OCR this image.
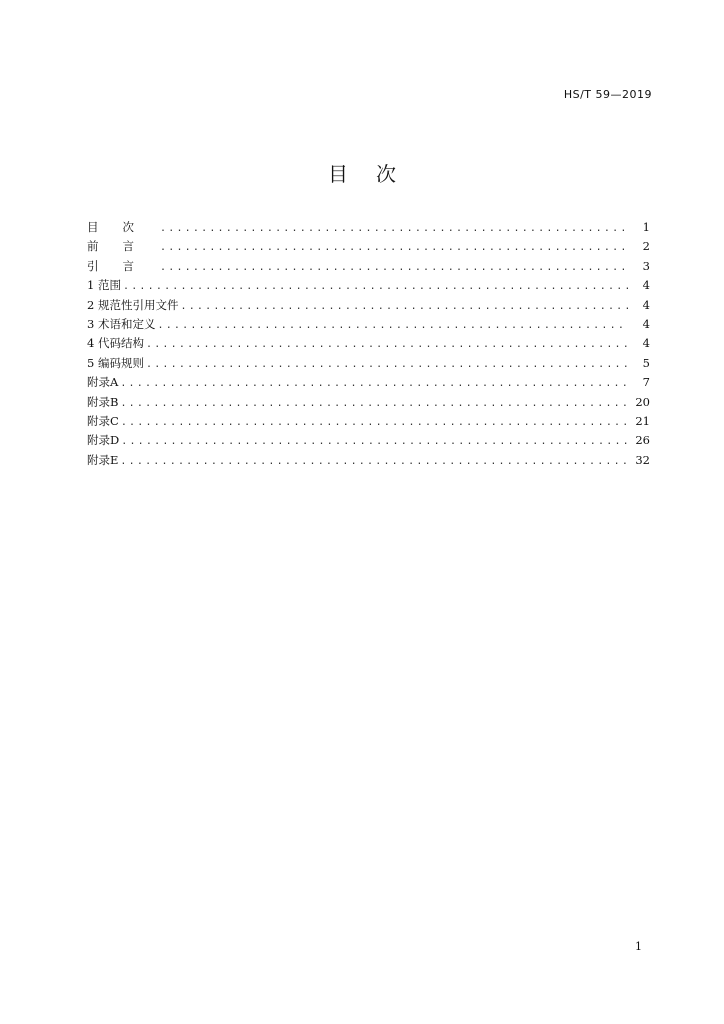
HS/T 59—2019
目次
目次 .....	1
前言 .....	2
引言 .....	3
1 范围 .....	4
2 规范性引用文件 .....	4
3 术语和定义 .....	4
4 代码结构 .....	4
5 编码规则 .....	5
附录A .....	7
附录B .....	20
附录C .....	21
附录D .....	26
附录E .....	32
1
